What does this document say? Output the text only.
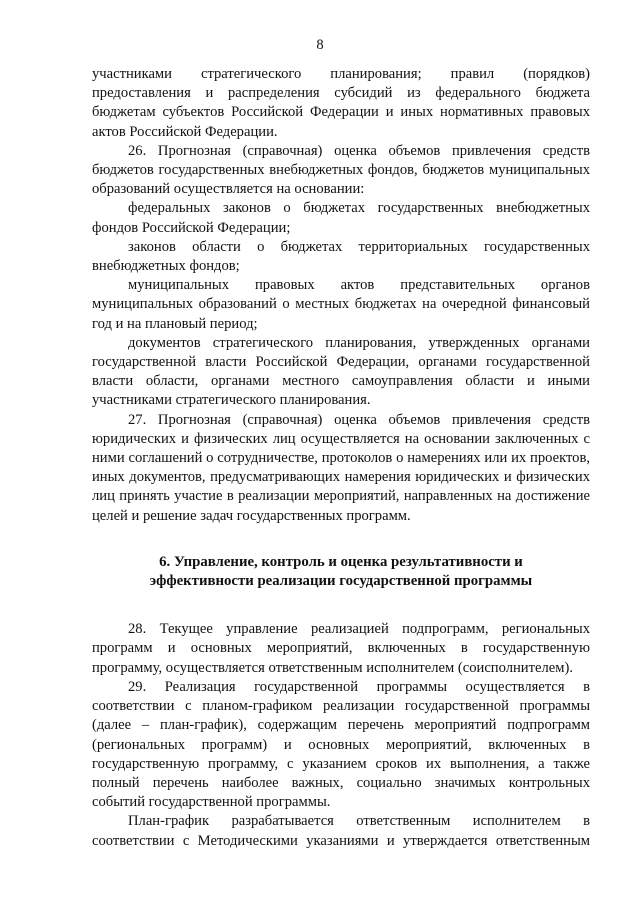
8

участниками стратегического планирования; правил (порядков) предоставления и распределения субсидий из федерального бюджета бюджетам субъектов Российской Федерации и иных нормативных правовых актов Российской Федерации.

26. Прогнозная (справочная) оценка объемов привлечения средств бюджетов государственных внебюджетных фондов, бюджетов муниципальных образований осуществляется на основании:

федеральных законов о бюджетах государственных внебюджетных фондов Российской Федерации;

законов области о бюджетах территориальных государственных внебюджетных фондов;

муниципальных правовых актов представительных органов муниципальных образований о местных бюджетах на очередной финансовый год и на плановый период;

документов стратегического планирования, утвержденных органами государственной власти Российской Федерации, органами государственной власти области, органами местного самоуправления области и иными участниками стратегического планирования.

27. Прогнозная (справочная) оценка объемов привлечения средств юридических и физических лиц осуществляется на основании заключенных с ними соглашений о сотрудничестве, протоколов о намерениях или их проектов, иных документов, предусматривающих намерения юридических и физических лиц принять участие в реализации мероприятий, направленных на достижение целей и решение задач государственных программ.

6. Управление, контроль и оценка результативности и
эффективности реализации государственной программы

28. Текущее управление реализацией подпрограмм, региональных программ и основных мероприятий, включенных в государственную программу, осуществляется ответственным исполнителем (соисполнителем).

29. Реализация государственной программы осуществляется в соответствии с планом-графиком реализации государственной программы (далее – план-график), содержащим перечень мероприятий подпрограмм (региональных программ) и основных мероприятий, включенных в государственную программу, с указанием сроков их выполнения, а также полный перечень наиболее важных, социально значимых контрольных событий государственной программы.

План-график разрабатывается ответственным исполнителем в соответствии с Методическими указаниями и утверждается ответственным
